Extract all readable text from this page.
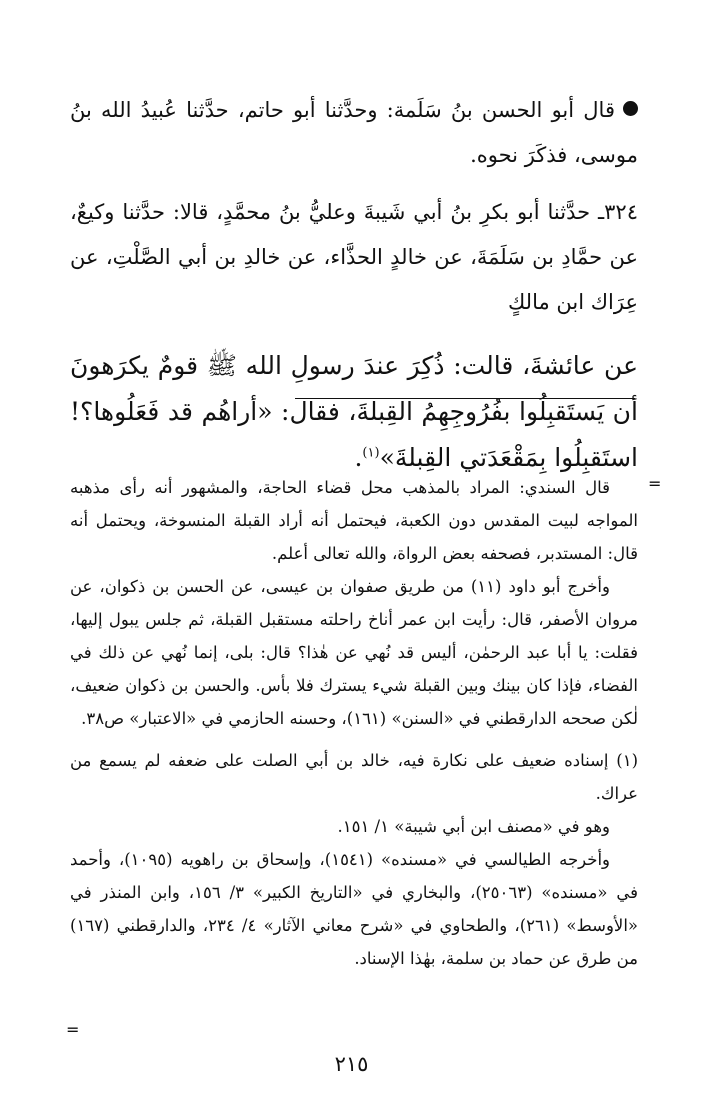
قال أبو الحسن بنُ سَلَمة: وحدَّثنا أبو حاتم، حدَّثنا عُبيدُ الله بنُ موسى، فذكَرَ نحوه.

٣٢٤ـ حدَّثنا أبو بكرِ بنُ أبي شَيبةَ وعليُّ بنُ محمَّدٍ، قالا: حدَّثنا وكيعٌ، عن حمَّادِ بن سَلَمَةَ، عن خالدٍ الحذَّاء، عن خالدِ بن أبي الصَّلْتِ، عن عِرَاك ابن مالكٍ

عن عائشةَ، قالت: ذُكِرَ عندَ رسولِ الله ﷺ قومٌ يكرَهونَ أن يَستَقبِلُوا بفُرُوجِهِمُ القِبلةَ، فقال: «أراهُم قد فَعَلُوها؟! استَقبِلُوا بِمَقْعَدَتي القِبلةَ»$^{(١)}$.

=

قال السندي: المراد بالمذهب محل قضاء الحاجة، والمشهور أنه رأى مذهبه المواجه لبيت المقدس دون الكعبة، فيحتمل أنه أراد القبلة المنسوخة، ويحتمل أنه قال: المستدبر، فصحفه بعض الرواة، والله تعالى أعلم.

وأخرج أبو داود (١١) من طريق صفوان بن عيسى، عن الحسن بن ذكوان، عن مروان الأصفر، قال: رأيت ابن عمر أناخ راحلته مستقبل القبلة، ثم جلس يبول إليها، فقلت: يا أبا عبد الرحمٰن، أليس قد نُهي عن هٰذا؟ قال: بلى، إنما نُهي عن ذلك في الفضاء، فإذا كان بينك وبين القبلة شيء يسترك فلا بأس. والحسن بن ذكوان ضعيف، لٰكن صححه الدارقطني في «السنن» (١٦١)، وحسنه الحازمي في «الاعتبار» ص٣٨.

(١) إسناده ضعيف على نكارة فيه، خالد بن أبي الصلت على ضعفه لم يسمع من عراك.

وهو في «مصنف ابن أبي شيبة» ١/ ١٥١.

وأخرجه الطيالسي في «مسنده» (١٥٤١)، وإسحاق بن راهويه (١٠٩٥)، وأحمد في «مسنده» (٢٥٠٦٣)، والبخاري في «التاريخ الكبير» ٣/ ١٥٦، وابن المنذر في «الأوسط» (٢٦١)، والطحاوي في «شرح معاني الآثار» ٤/ ٢٣٤، والدارقطني (١٦٧) من طرق عن حماد بن سلمة، بهٰذا الإسناد.

=
٢١٥
